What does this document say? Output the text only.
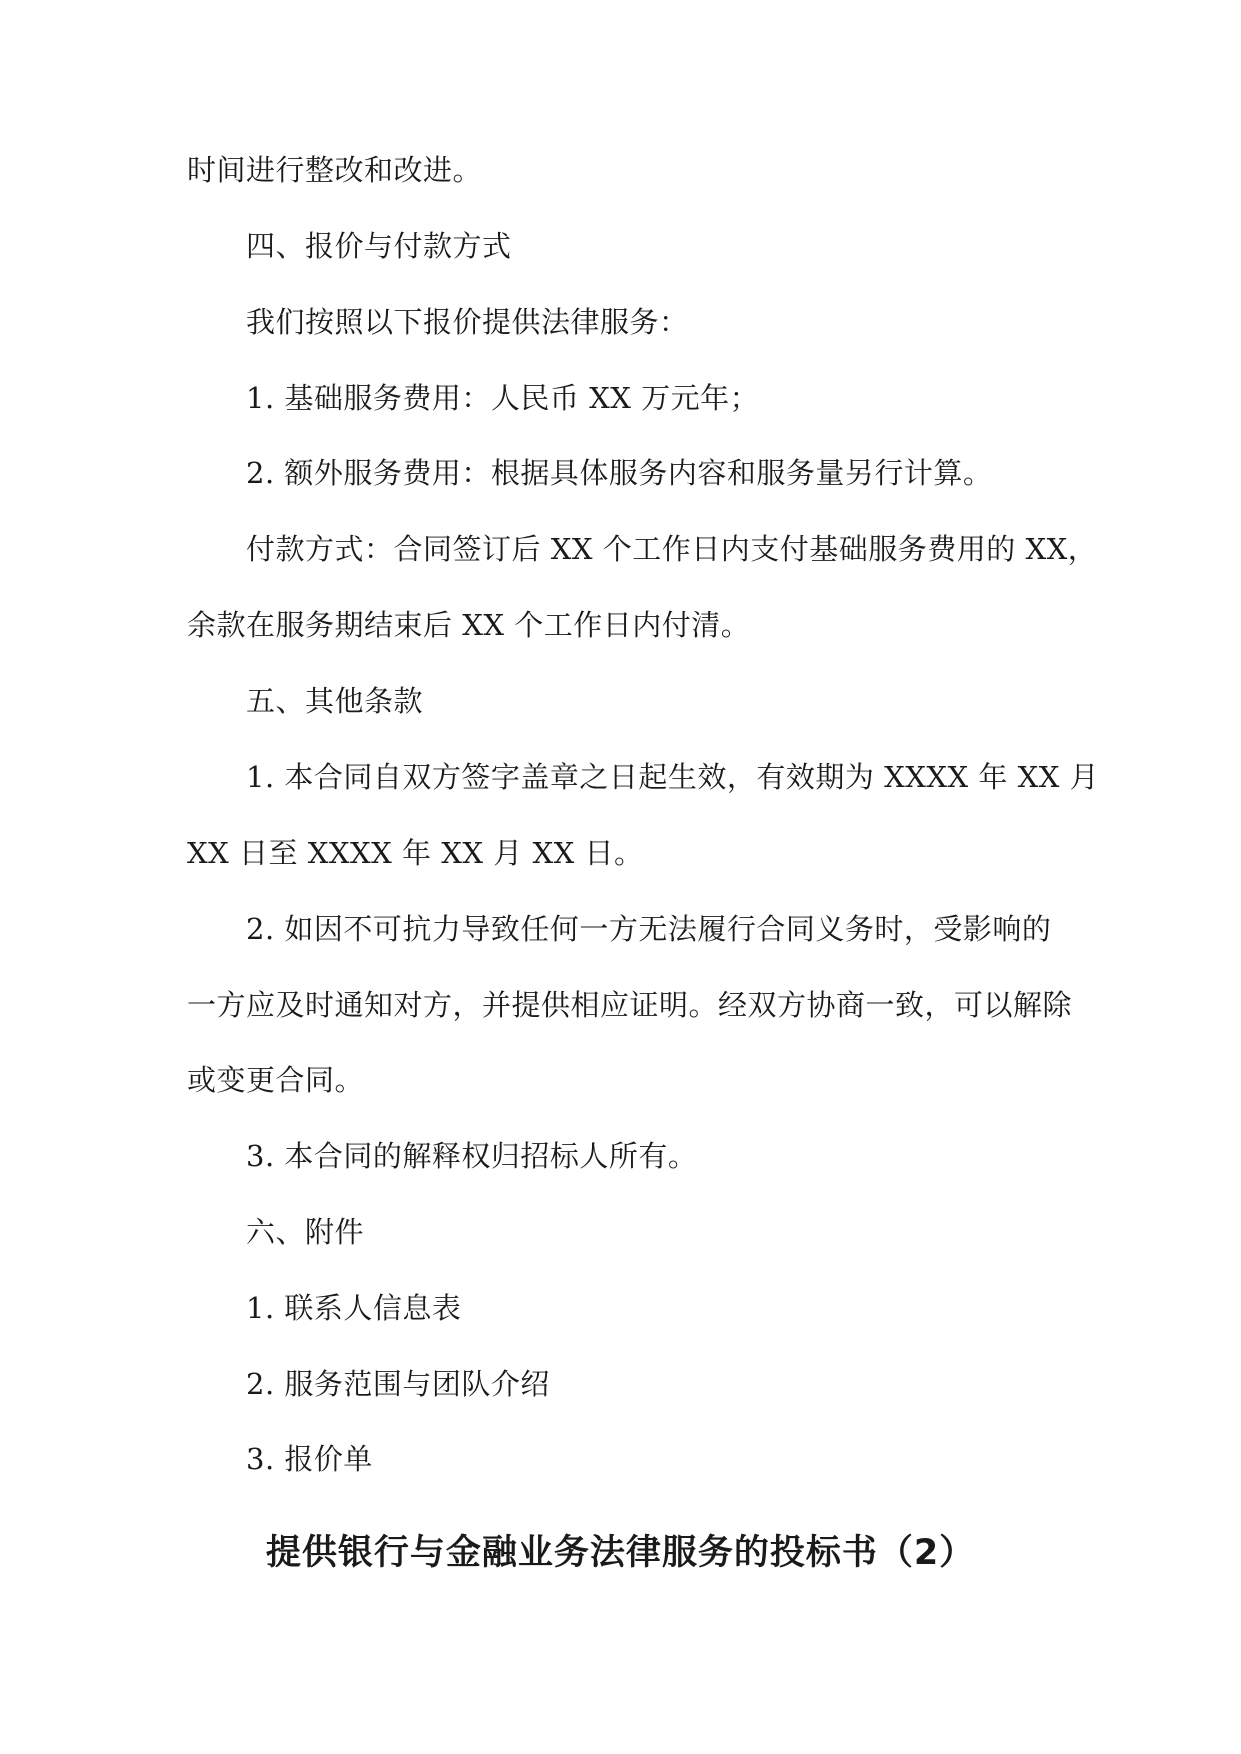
时间进行整改和改进。
四、报价与付款方式
我们按照以下报价提供法律服务：
1. 基础服务费用：人民币 XX 万元年；
2. 额外服务费用：根据具体服务内容和服务量另行计算。
付款方式：合同签订后 XX 个工作日内支付基础服务费用的 XX，
余款在服务期结束后 XX 个工作日内付清。
五、其他条款
1. 本合同自双方签字盖章之日起生效，有效期为 XXXX 年 XX 月
XX 日至 XXXX 年 XX 月 XX 日。
2. 如因不可抗力导致任何一方无法履行合同义务时，受影响的
一方应及时通知对方，并提供相应证明。经双方协商一致，可以解除
或变更合同。
3. 本合同的解释权归招标人所有。
六、附件
1. 联系人信息表
2. 服务范围与团队介绍
3. 报价单
提供银行与金融业务法律服务的投标书（2）
